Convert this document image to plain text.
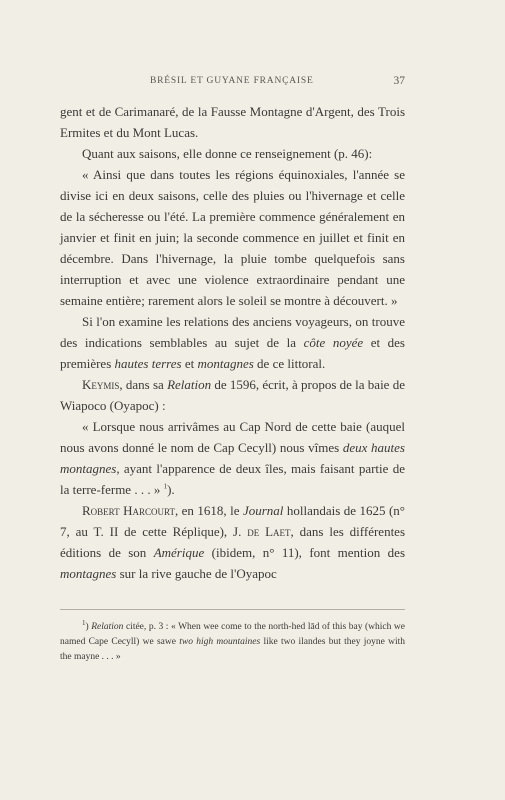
BRÉSIL ET GUYANE FRANÇAISE	37

gent et de Carimanaré, de la Fausse Montagne d'Argent, des Trois Ermites et du Mont Lucas.

Quant aux saisons, elle donne ce renseignement (p. 46):

« Ainsi que dans toutes les régions équinoxiales, l'année se divise ici en deux saisons, celle des pluies ou l'hivernage et celle de la sécheresse ou l'été. La première commence généralement en janvier et finit en juin; la seconde commence en juillet et finit en décembre. Dans l'hivernage, la pluie tombe quelquefois sans interruption et avec une violence extraordinaire pendant une semaine entière; rarement alors le soleil se montre à découvert. »

Si l'on examine les relations des anciens voyageurs, on trouve des indications semblables au sujet de la côte noyée et des premières hautes terres et montagnes de ce littoral.

Keymis, dans sa Relation de 1596, écrit, à propos de la baie de Wiapoco (Oyapoc) :

« Lorsque nous arrivâmes au Cap Nord de cette baie (auquel nous avons donné le nom de Cap Cecyll) nous vîmes deux hautes montagnes, ayant l'apparence de deux îles, mais faisant partie de la terre-ferme . . . » $^1$).

Robert Harcourt, en 1618, le Journal hollandais de 1625 (n° 7, au T. II de cette Réplique), J. de Laet, dans les différentes éditions de son Amérique (ibidem, n° 11), font mention des montagnes sur la rive gauche de l'Oyapoc

$^1$) Relation citée, p. 3 : « When wee come to the north-hed lād of this bay (which we named Cape Cecyll) we sawe two high mountaines like two ilandes but they joyne with the mayne . . . »
